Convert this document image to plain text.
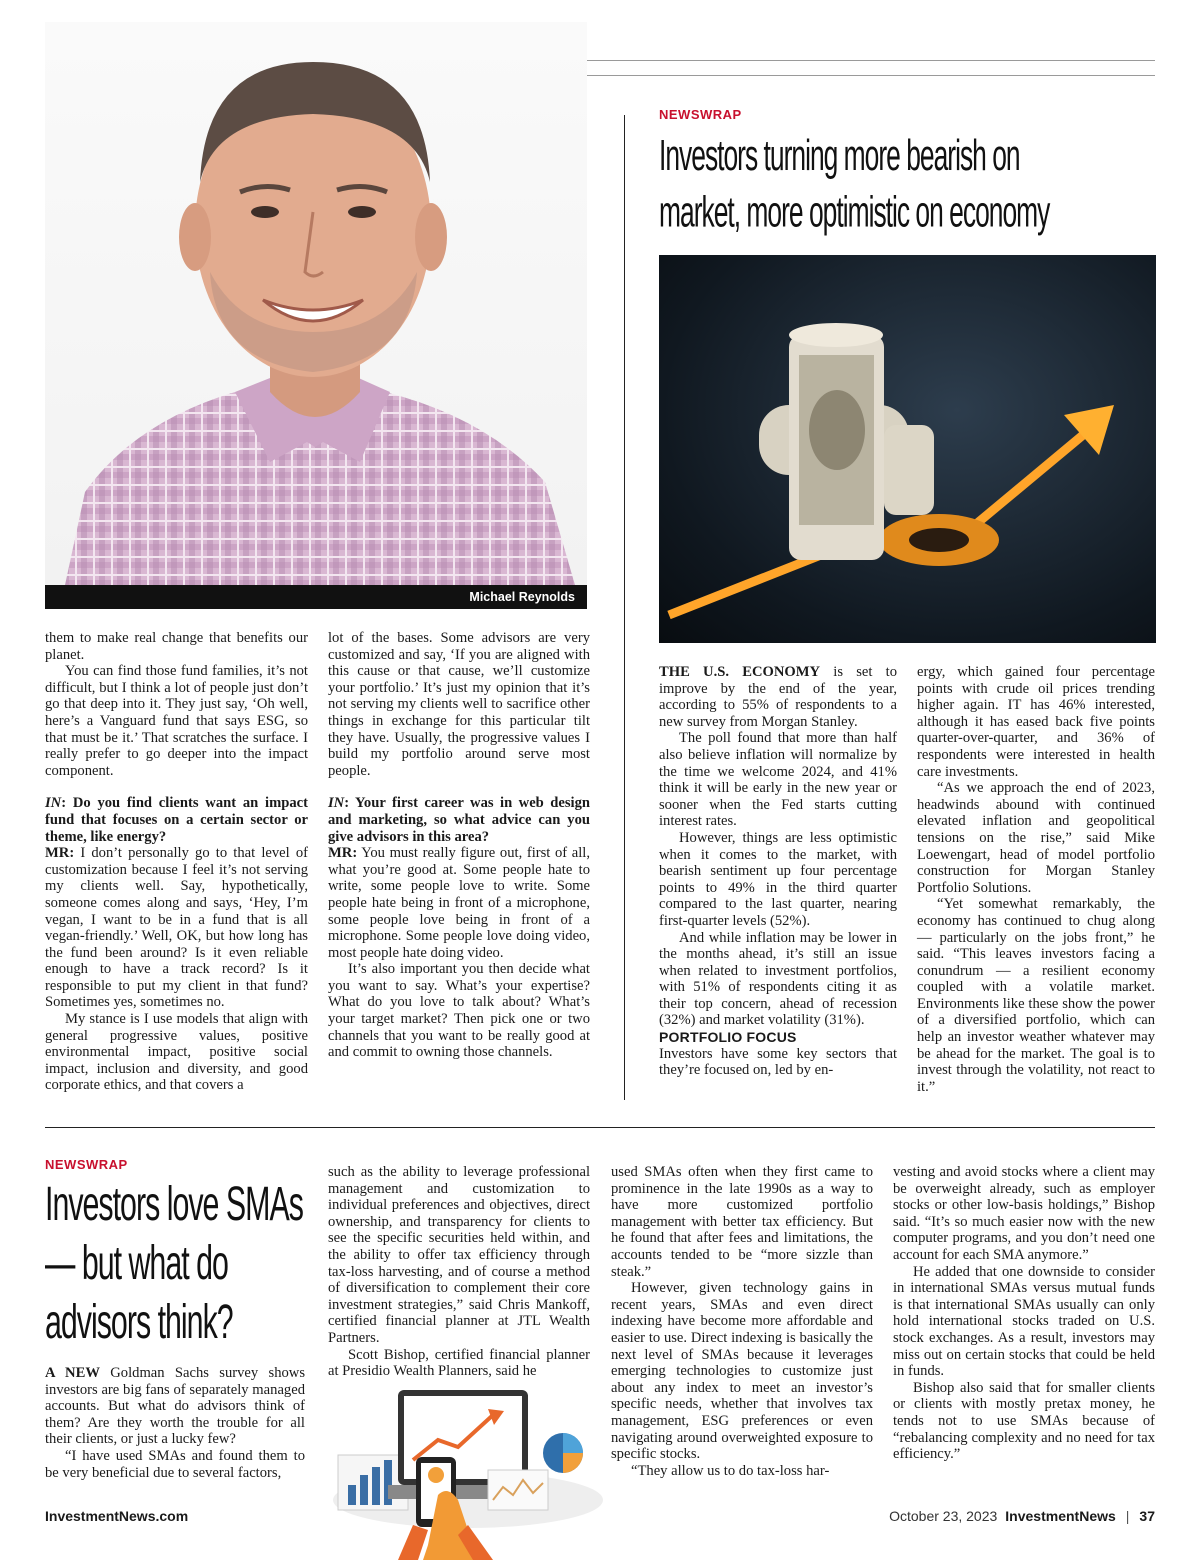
Michael Reynolds

them to make real change that benefits our planet.

You can find those fund families, it’s not difficult, but I think a lot of people just don’t go that deep into it. They just say, ‘Oh well, here’s a Vanguard fund that says ESG, so that must be it.’ That scratches the surface. I really prefer to go deeper into the impact component.

IN: Do you find clients want an impact fund that focuses on a certain sector or theme, like energy?

MR: I don’t personally go to that level of customization because I feel it’s not serving my clients well. Say, hypothetically, someone comes along and says, ‘Hey, I’m vegan, I want to be in a fund that is all vegan-friendly.’ Well, OK, but how long has the fund been around? Is it even reliable enough to have a track record? Is it responsible to put my client in that fund? Sometimes yes, sometimes no.

My stance is I use models that align with general progressive values, positive environmental impact, positive social impact, inclusion and diversity, and good corporate ethics, and that covers a

lot of the bases. Some advisors are very customized and say, ‘If you are aligned with this cause or that cause, we’ll customize your portfolio.’ It’s just my opinion that it’s not serving my clients well to sacrifice other things in exchange for this particular tilt they have. Usually, the progressive values I build my portfolio around serve most people.

IN: Your first career was in web design and marketing, so what advice can you give advisors in this area?

MR: You must really figure out, first of all, what you’re good at. Some people hate to write, some people love to write. Some people hate being in front of a microphone, some people love being in front of a microphone. Some people love doing video, most people hate doing video.

It’s also important you then decide what you want to say. What’s your expertise? What do you love to talk about? What’s your target market? Then pick one or two channels that you want to be really good at and commit to owning those channels.

NEWSWRAP
Investors turning more bearish on
market, more optimistic on economy

THE U.S. ECONOMY is set to improve by the end of the year, according to 55% of respondents to a new survey from Morgan Stanley.

The poll found that more than half also believe inflation will normalize by the time we welcome 2024, and 41% think it will be early in the new year or sooner when the Fed starts cutting interest rates.

However, things are less optimistic when it comes to the market, with bearish sentiment up four percentage points to 49% in the third quarter compared to the last quarter, nearing first-quarter levels (52%).

And while inflation may be lower in the months ahead, it’s still an issue when related to investment portfolios, with 51% of respondents citing it as their top concern, ahead of recession (32%) and market volatility (31%).

PORTFOLIO FOCUS

Investors have some key sectors that they’re focused on, led by en-

ergy, which gained four percentage points with crude oil prices trending higher again. IT has 46% interested, although it has eased back five points quarter-over-quarter, and 36% of respondents were interested in health care investments.

“As we approach the end of 2023, headwinds abound with continued elevated inflation and geopolitical tensions on the rise,” said Mike Loewengart, head of model portfolio construction for Morgan Stanley Portfolio Solutions.

“Yet somewhat remarkably, the economy has continued to chug along — particularly on the jobs front,” he said. “This leaves investors facing a conundrum — a resilient economy coupled with a volatile market. Environments like these show the power of a diversified portfolio, which can help an investor weather whatever may be ahead for the market. The goal is to invest through the volatility, not react to it.”

NEWSWRAP
Investors love SMAs
— but what do
advisors think?

A NEW Goldman Sachs survey shows investors are big fans of separately managed accounts. But what do advisors think of them? Are they worth the trouble for all their clients, or just a lucky few?

“I have used SMAs and found them to be very beneficial due to several factors,

such as the ability to leverage professional management and customization to individual preferences and objectives, direct ownership, and transparency for clients to see the specific securities held within, and the ability to offer tax efficiency through tax-loss harvesting, and of course a method of diversification to complement their core investment strategies,” said Chris Mankoff, certified financial planner at JTL Wealth Partners.

Scott Bishop, certified financial planner at Presidio Wealth Planners, said he

used SMAs often when they first came to prominence in the late 1990s as a way to have more customized portfolio management with better tax efficiency. But he found that after fees and limitations, the accounts tended to be “more sizzle than steak.”

However, given technology gains in recent years, SMAs and even direct indexing have become more affordable and easier to use. Direct indexing is basically the next level of SMAs because it leverages emerging technologies to customize just about any index to meet an investor’s specific needs, whether that involves tax management, ESG preferences or even navigating around overweighted exposure to specific stocks.

“They allow us to do tax-loss har-

vesting and avoid stocks where a client may be overweight already, such as employer stocks or other low-basis holdings,” Bishop said. “It’s so much easier now with the new computer programs, and you don’t need one account for each SMA anymore.”

He added that one downside to consider in international SMAs versus mutual funds is that international SMAs usually can only hold international stocks traded on U.S. stock exchanges. As a result, investors may miss out on certain stocks that could be held in funds.

Bishop also said that for smaller clients or clients with mostly pretax money, he tends not to use SMAs because of “rebalancing complexity and no need for tax efficiency.”

InvestmentNews.com	October 23, 2023 InvestmentNews | 37
